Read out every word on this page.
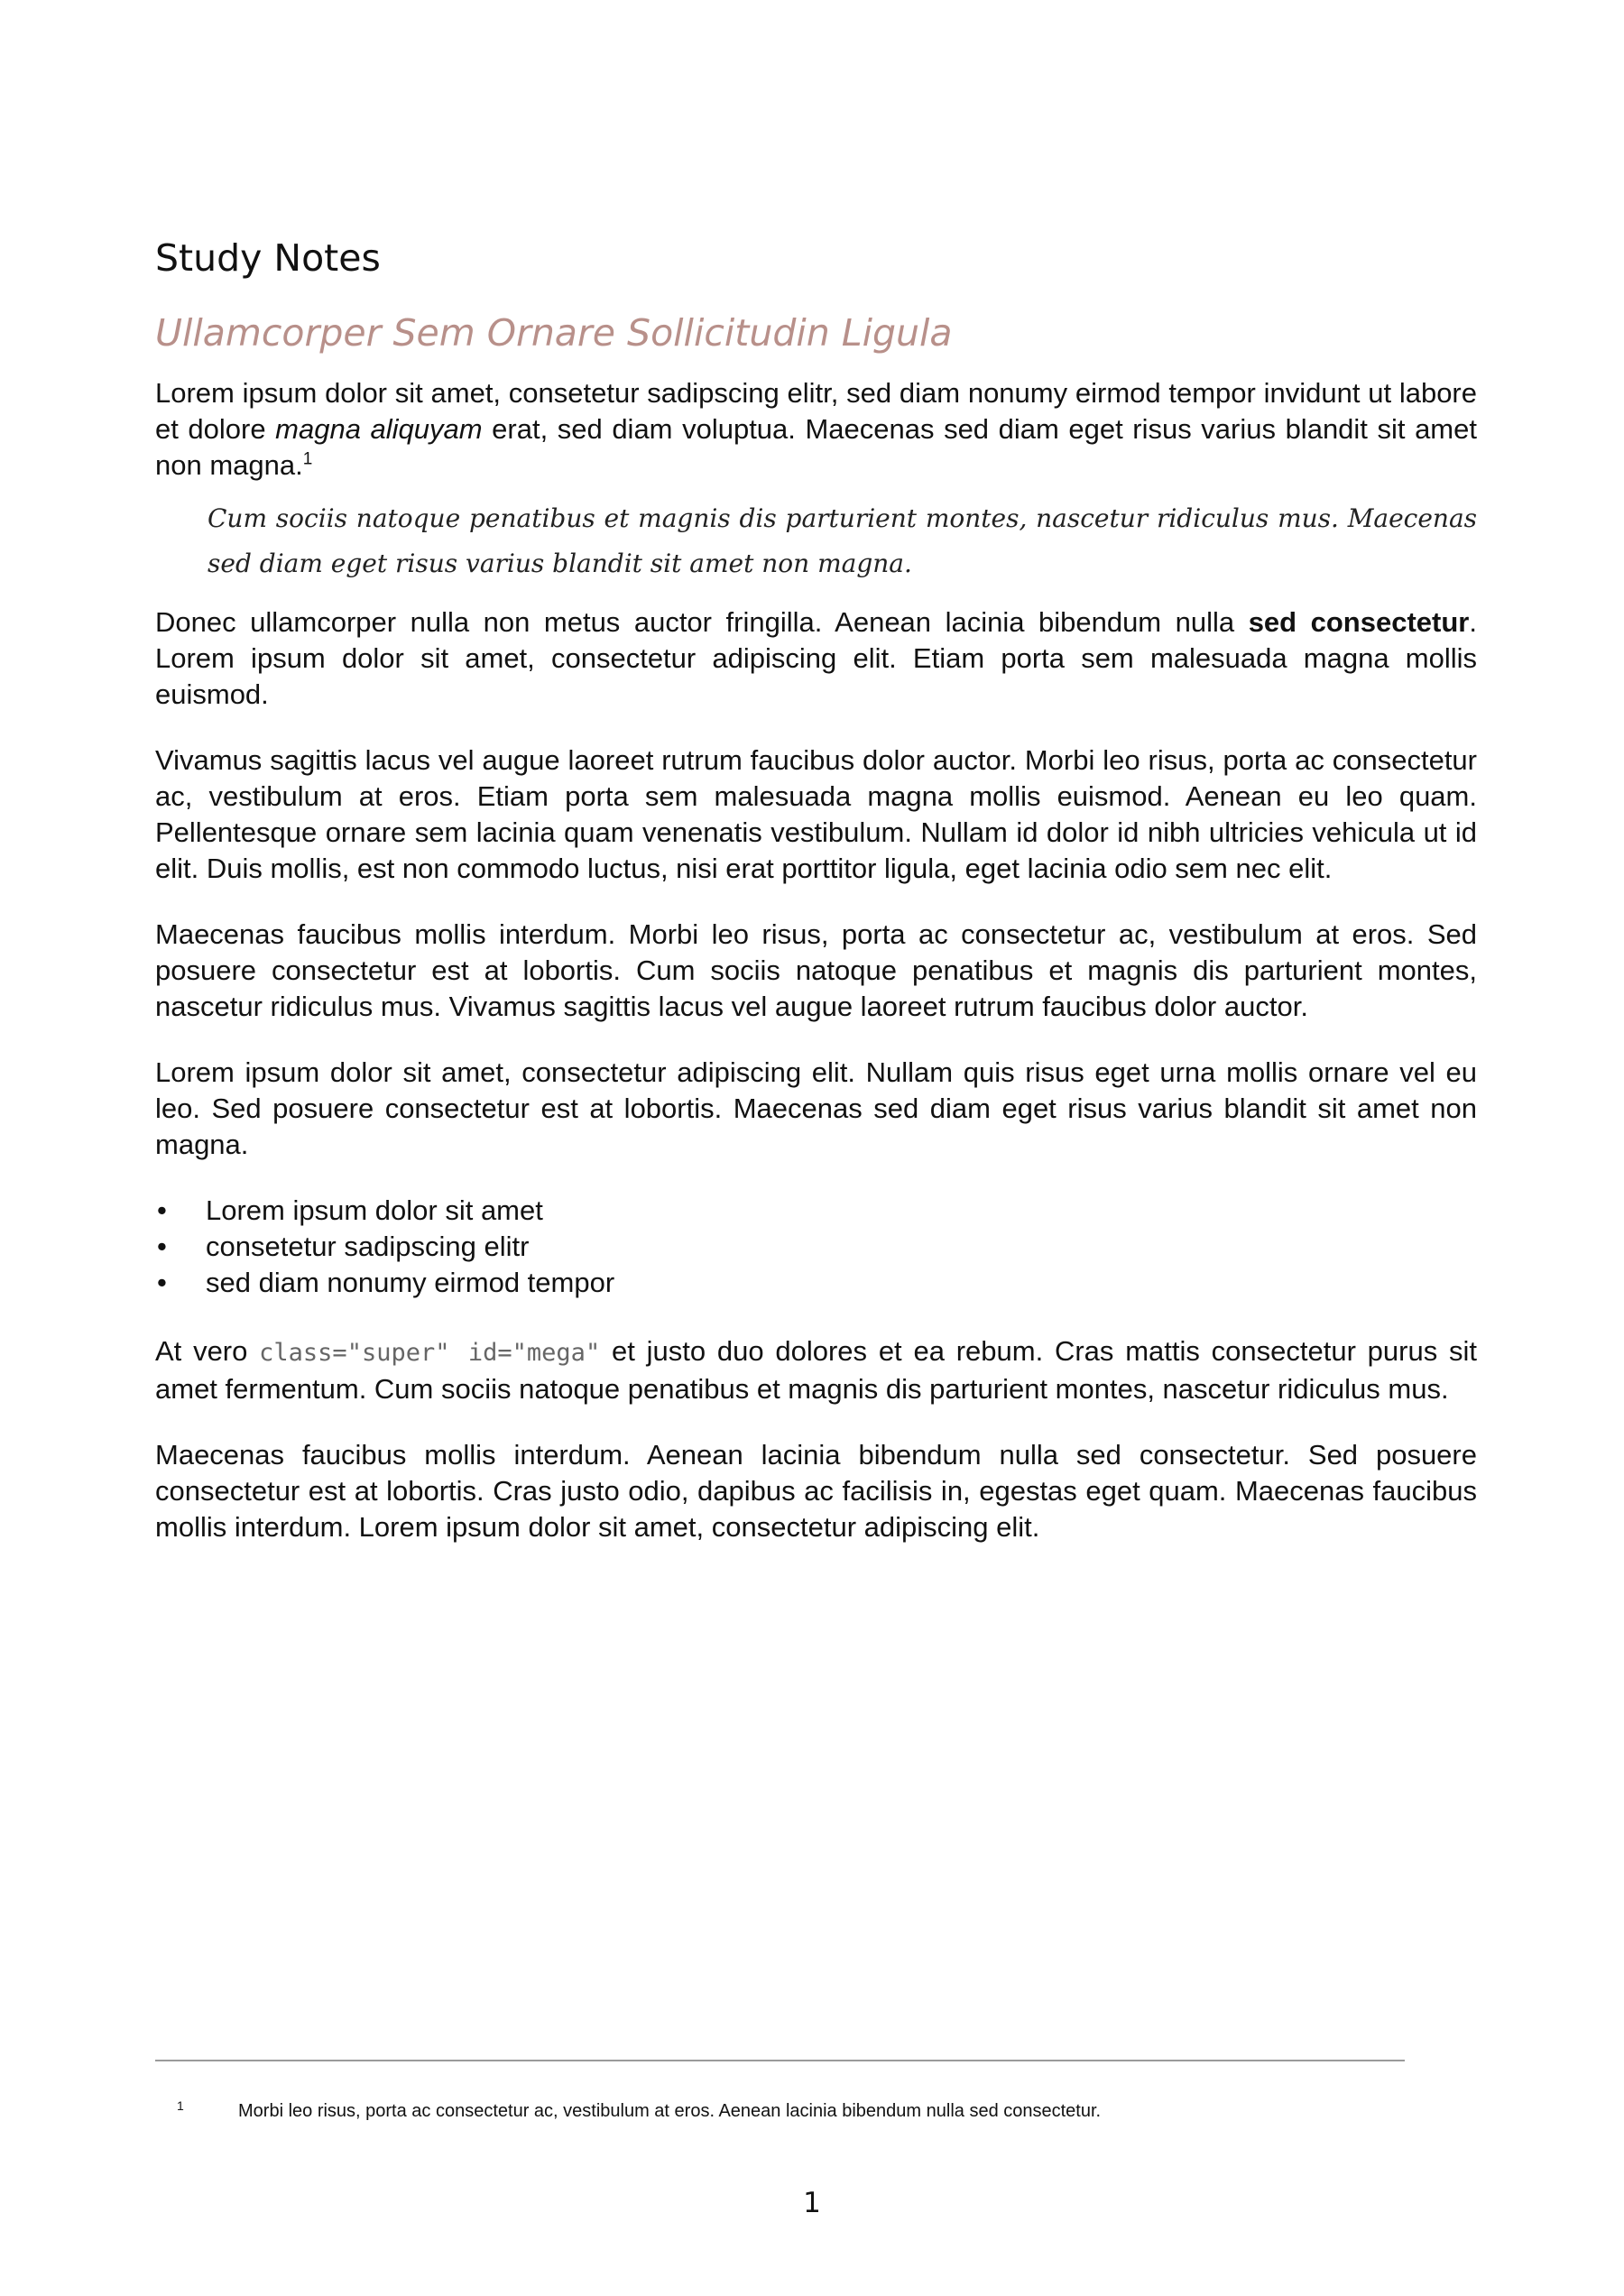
Study Notes
Ullamcorper Sem Ornare Sollicitudin Ligula

Lorem ipsum dolor sit amet, consetetur sadipscing elitr, sed diam nonumy eirmod tempor invidunt ut labore et dolore magna aliquyam erat, sed diam voluptua. Maecenas sed diam eget risus varius blandit sit amet non magna.$^1$

Cum sociis natoque penatibus et magnis dis parturient montes, nascetur ridiculus mus. Maecenas sed diam eget risus varius blandit sit amet non magna.

Donec ullamcorper nulla non metus auctor fringilla. Aenean lacinia bibendum nulla sed consectetur. Lorem ipsum dolor sit amet, consectetur adipiscing elit. Etiam porta sem malesuada magna mollis euismod.

Vivamus sagittis lacus vel augue laoreet rutrum faucibus dolor auctor. Morbi leo risus, porta ac consectetur ac, vestibulum at eros. Etiam porta sem malesuada magna mollis euismod. Aenean eu leo quam. Pellentesque ornare sem lacinia quam venenatis vestibulum. Nullam id dolor id nibh ultricies vehicula ut id elit. Duis mollis, est non commodo luctus, nisi erat porttitor ligula, eget lacinia odio sem nec elit.

Maecenas faucibus mollis interdum. Morbi leo risus, porta ac consectetur ac, vestibulum at eros. Sed posuere consectetur est at lobortis. Cum sociis natoque penatibus et magnis dis parturient montes, nascetur ridiculus mus. Vivamus sagittis lacus vel augue laoreet rutrum faucibus dolor auctor.

Lorem ipsum dolor sit amet, consectetur adipiscing elit. Nullam quis risus eget urna mollis ornare vel eu leo. Sed posuere consectetur est at lobortis. Maecenas sed diam eget risus varius blandit sit amet non magna.

• Lorem ipsum dolor sit amet
• consetetur sadipscing elitr
• sed diam nonumy eirmod tempor

At vero class="super" id="mega" et justo duo dolores et ea rebum. Cras mattis consectetur purus sit amet fermentum. Cum sociis natoque penatibus et magnis dis parturient montes, nascetur ridiculus mus.

Maecenas faucibus mollis interdum. Aenean lacinia bibendum nulla sed consectetur. Sed posuere consectetur est at lobortis. Cras justo odio, dapibus ac facilisis in, egestas eget quam. Maecenas faucibus mollis interdum. Lorem ipsum dolor sit amet, consectetur adipiscing elit.

1	Morbi leo risus, porta ac consectetur ac, vestibulum at eros. Aenean lacinia bibendum nulla sed consectetur.
1
